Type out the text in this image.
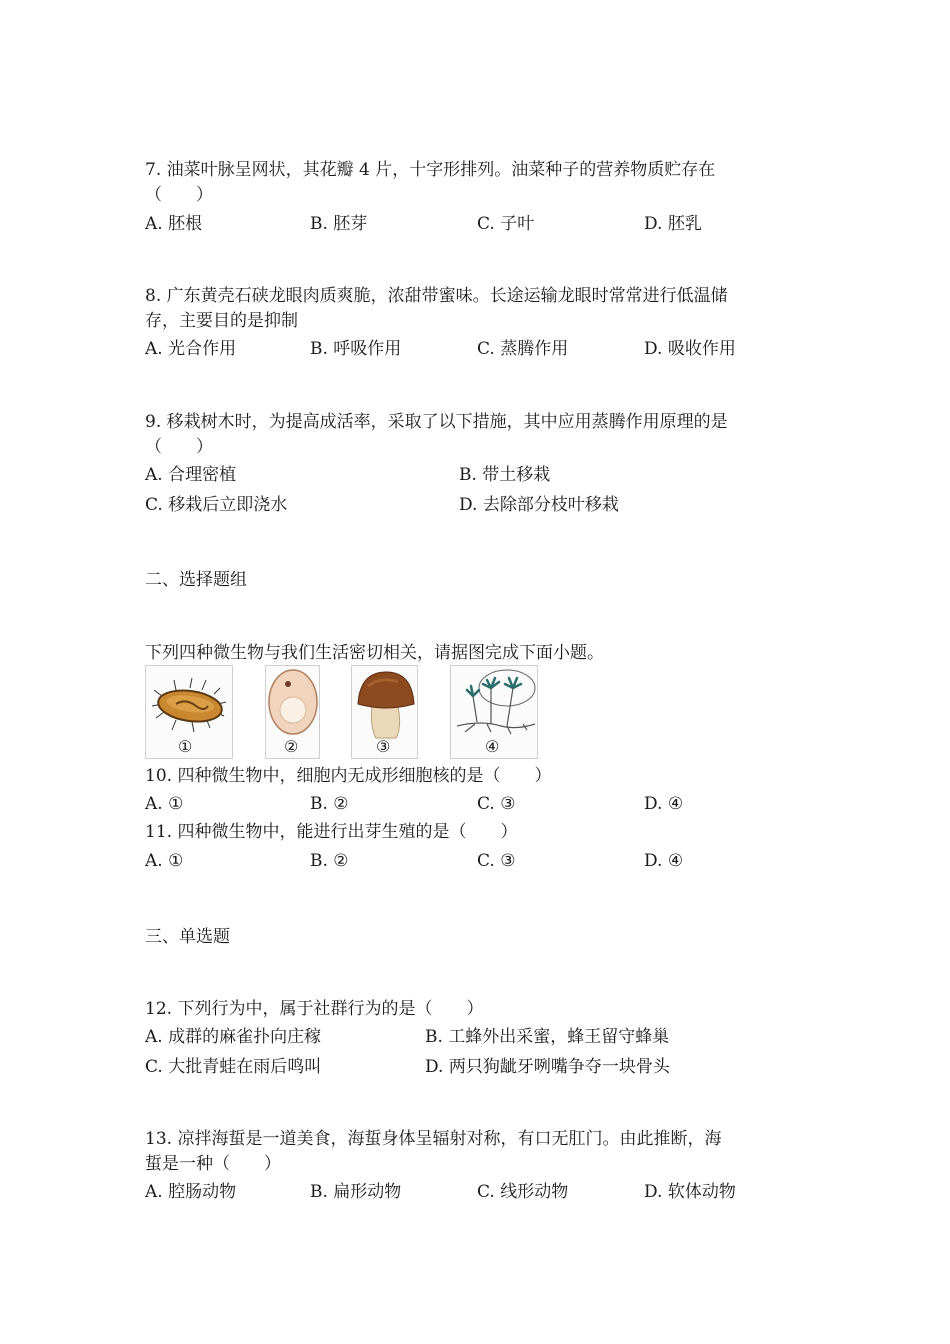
7. 油菜叶脉呈网状，其花瓣 4 片，十字形排列。油菜种子的营养物质贮存在
（　　）
A. 胚根	B. 胚芽	C. 子叶	D. 胚乳
8. 广东黄壳石硖龙眼肉质爽脆，浓甜带蜜味。长途运输龙眼时常常进行低温储
存，主要目的是抑制
A. 光合作用	B. 呼吸作用	C. 蒸腾作用	D. 吸收作用
9. 移栽树木时，为提高成活率，采取了以下措施，其中应用蒸腾作用原理的是
（　　）
A. 合理密植	B. 带土移栽
C. 移栽后立即浇水	D. 去除部分枝叶移栽
二、选择题组
下列四种微生物与我们生活密切相关，请据图完成下面小题。
①	②	③	④
10. 四种微生物中，细胞内无成形细胞核的是（　　）
A. ①	B. ②	C. ③	D. ④
11. 四种微生物中，能进行出芽生殖的是（　　）
A. ①	B. ②	C. ③	D. ④
三、单选题
12. 下列行为中，属于社群行为的是（　　）
A. 成群的麻雀扑向庄稼	B. 工蜂外出采蜜，蜂王留守蜂巢
C. 大批青蛙在雨后鸣叫	D. 两只狗龇牙咧嘴争夺一块骨头
13. 凉拌海蜇是一道美食，海蜇身体呈辐射对称，有口无肛门。由此推断，海
蜇是一种（　　）
A. 腔肠动物	B. 扁形动物	C. 线形动物	D. 软体动物
